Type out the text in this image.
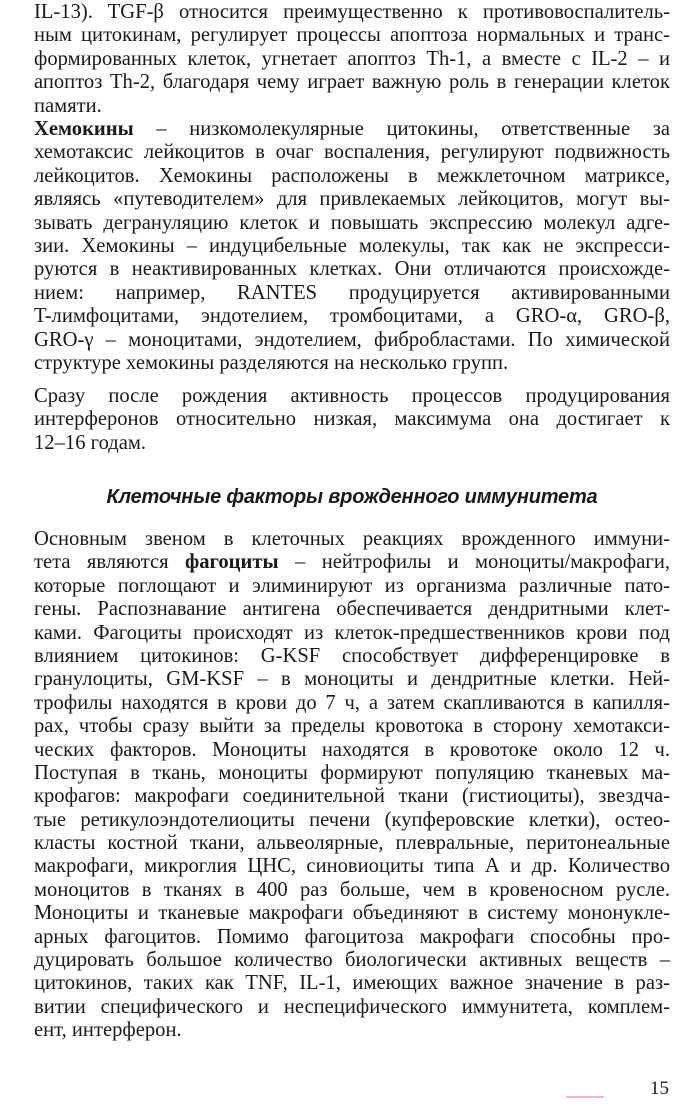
IL-13). TGF-β относится преимущественно к противовоспалитель-
ным цитокинам, регулирует процессы апоптоза нормальных и транс-
формированных клеток, угнетает апоптоз Th-1, а вместе с IL-2 – и
апоптоз Th-2, благодаря чему играет важную роль в генерации клеток
памяти.
Хемокины – низкомолекулярные цитокины, ответственные за
хемотаксис лейкоцитов в очаг воспаления, регулируют подвижность
лейкоцитов. Хемокины расположены в межклеточном матриксе,
являясь «путеводителем» для привлекаемых лейкоцитов, могут вы-
зывать дегрануляцию клеток и повышать экспрессию молекул адге-
зии. Хемокины – индуцибельные молекулы, так как не экспресси-
руются в неактивированных клетках. Они отличаются происхожде-
нием: например, RANTES продуцируется активированными
T-лимфоцитами, эндотелием, тромбоцитами, а GRO-α, GRO-β,
GRO-γ – моноцитами, эндотелием, фибробластами. По химической
структуре хемокины разделяются на несколько групп.
Сразу после рождения активность процессов продуцирования
интерферонов относительно низкая, максимума она достигает к
12–16 годам.
Клеточные факторы врожденного иммунитета
Основным звеном в клеточных реакциях врожденного иммуни-
тета являются фагоциты – нейтрофилы и моноциты/макрофаги,
которые поглощают и элиминируют из организма различные пато-
гены. Распознавание антигена обеспечивается дендритными клет-
ками. Фагоциты происходят из клеток-предшественников крови под
влиянием цитокинов: G-KSF способствует дифференцировке в
гранулоциты, GM-KSF – в моноциты и дендритные клетки. Ней-
трофилы находятся в крови до 7 ч, а затем скапливаются в капилля-
рах, чтобы сразу выйти за пределы кровотока в сторону хемотакси-
ческих факторов. Моноциты находятся в кровотоке около 12 ч.
Поступая в ткань, моноциты формируют популяцию тканевых ма-
крофагов: макрофаги соединительной ткани (гистиоциты), звездча-
тые ретикулоэндотелиоциты печени (купферовские клетки), остео-
класты костной ткани, альвеолярные, плевральные, перитонеальные
макрофаги, микроглия ЦНС, синовиоциты типа А и др. Количество
моноцитов в тканях в 400 раз больше, чем в кровеносном русле.
Моноциты и тканевые макрофаги объединяют в систему мононукле-
арных фагоцитов. Помимо фагоцитоза макрофаги способны про-
дуцировать большое количество биологически активных веществ –
цитокинов, таких как TNF, IL-1, имеющих важное значение в раз-
витии специфического и неспецифического иммунитета, комплем-
ент, интерферон.
15
